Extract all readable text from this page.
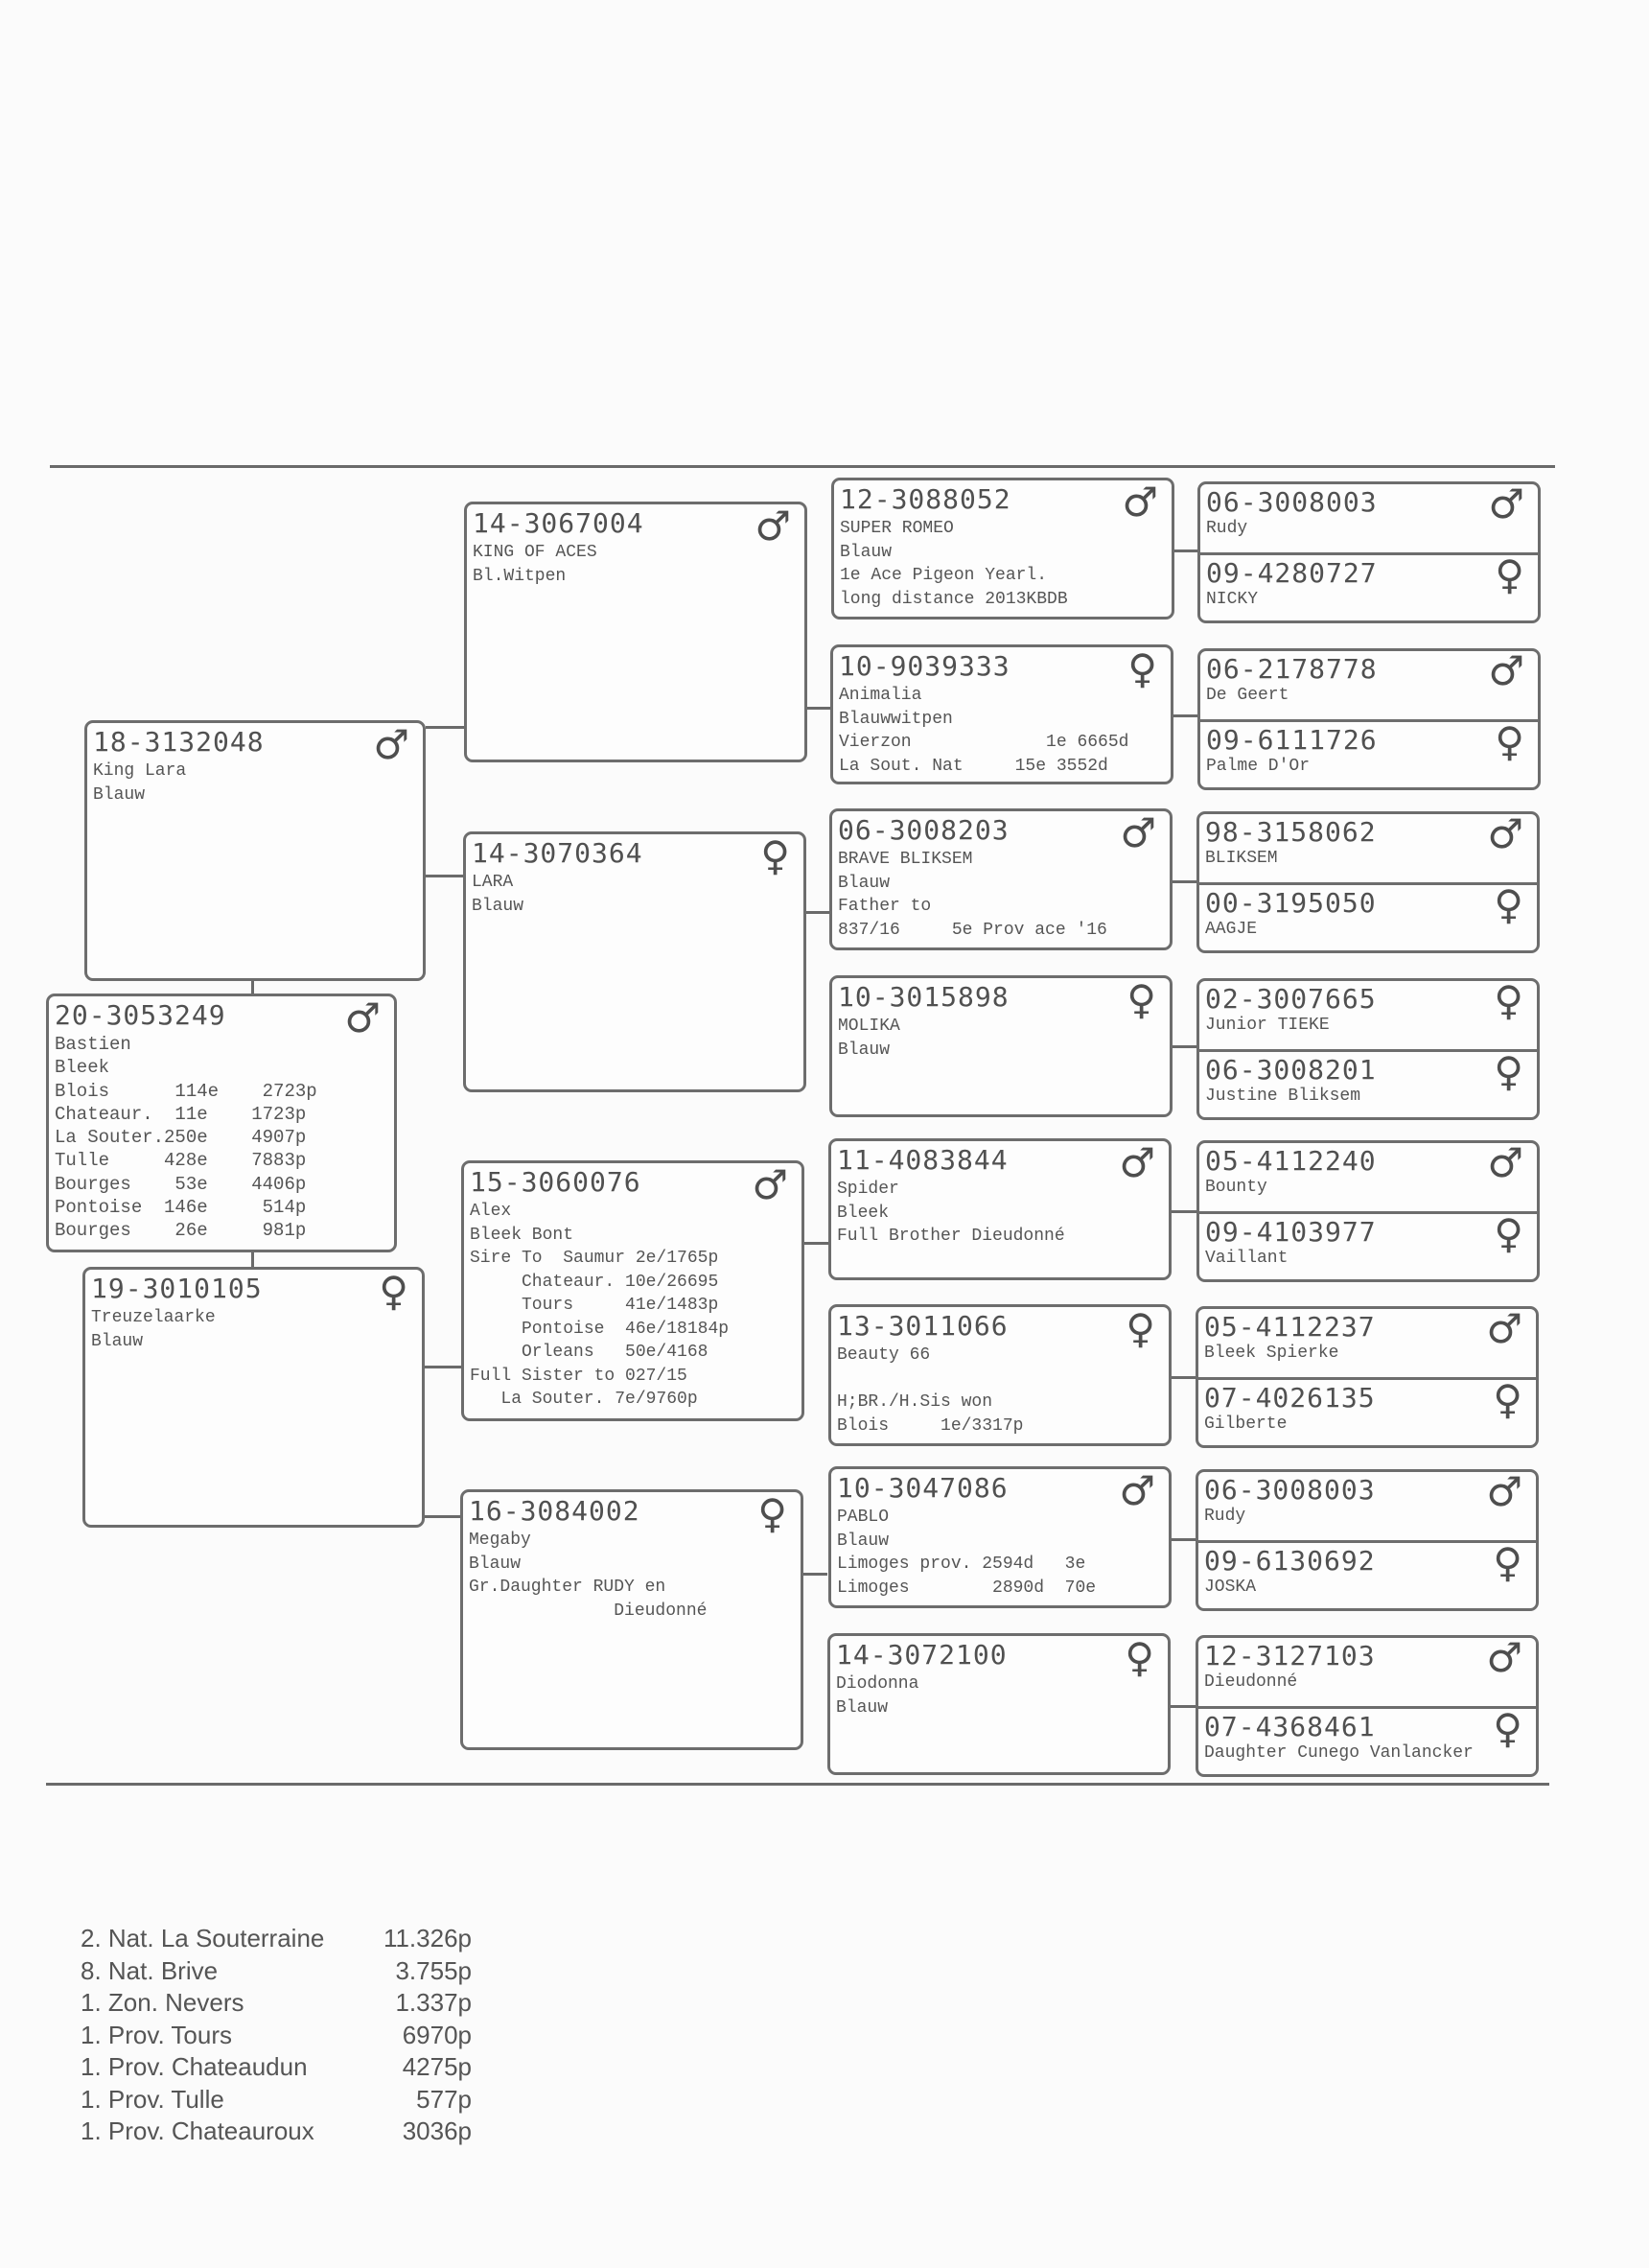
20-3053249	♂
Bastien
Bleek
Blois      114e    2723p
Chateaur.  11e    1723p
La Souter.250e    4907p
Tulle     428e    7883p
Bourges    53e    4406p
Pontoise  146e     514p
Bourges    26e     981p
18-3132048	♂
King Lara
Blauw
19-3010105	♀
Treuzelaarke
Blauw
14-3067004	♂
KING OF ACES
Bl.Witpen
14-3070364	♀
LARA
Blauw
15-3060076	♂
Alex
Bleek Bont
Sire To  Saumur 2e/1765p
Chateaur. 10e/26695
Tours     41e/1483p
Pontoise  46e/18184p
Orleans   50e/4168
Full Sister to 027/15
La Souter. 7e/9760p
16-3084002	♀
Megaby
Blauw
Gr.Daughter RUDY en
Dieudonné
12-3088052	♂
SUPER ROMEO
Blauw
1e Ace Pigeon Yearl.
long distance 2013KBDB
10-9039333	♀
Animalia
Blauwwitpen
Vierzon             1e 6665d
La Sout. Nat     15e 3552d
06-3008203	♂
BRAVE BLIKSEM
Blauw
Father to
837/16     5e Prov ace '16
10-3015898	♀
MOLIKA
Blauw
11-4083844	♂
Spider
Bleek
Full Brother Dieudonné
13-3011066	♀
Beauty 66

H;BR./H.Sis won
Blois     1e/3317p
10-3047086	♂
PABLO
Blauw
Limoges prov. 2594d   3e
Limoges        2890d  70e
14-3072100	♀
Diodonna
Blauw
06-3008003
Rudy
♂
09-4280727
NICKY
♀
06-2178778
De Geert
♂
09-6111726
Palme D'Or
♀
98-3158062
BLIKSEM
♂
00-3195050
AAGJE
♀
02-3007665
Junior TIEKE
♀
06-3008201
Justine Bliksem
♀
05-4112240
Bounty
♂
09-4103977
Vaillant
♀
05-4112237
Bleek Spierke
♂
07-4026135
Gilberte
♀
06-3008003
Rudy
♂
09-6130692
JOSKA
♀
12-3127103
Dieudonné
♂
07-4368461
Daughter Cunego Vanlancker
♀
2. Nat. La Souterraine	11.326p
8. Nat. Brive	3.755p
1. Zon. Nevers	1.337p
1. Prov. Tours	6970p
1. Prov. Chateaudun	4275p
1. Prov. Tulle	577p
1. Prov. Chateauroux	3036p
